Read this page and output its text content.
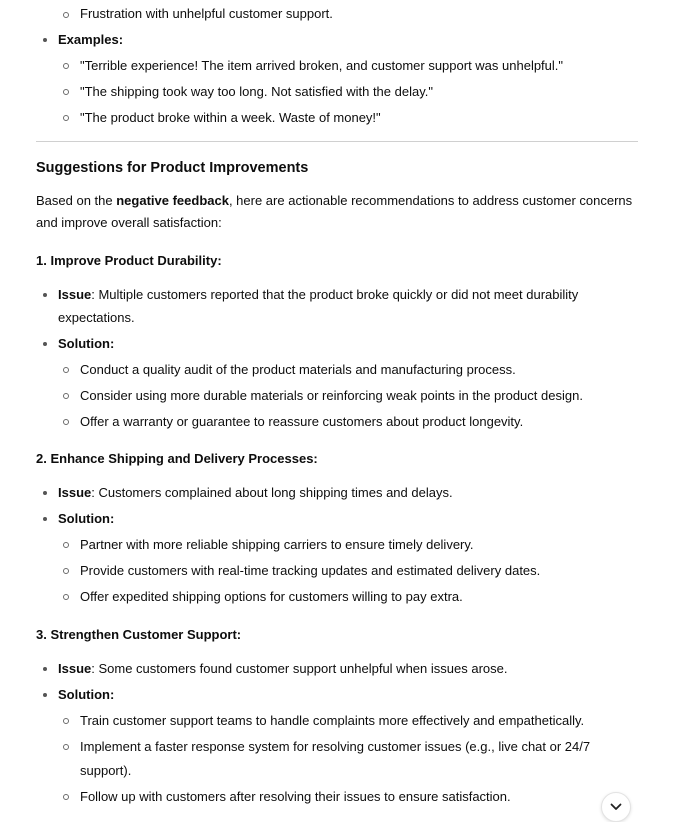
Frustration with unhelpful customer support.
Examples:
"Terrible experience! The item arrived broken, and customer support was unhelpful."
"The shipping took way too long. Not satisfied with the delay."
"The product broke within a week. Waste of money!"
Suggestions for Product Improvements
Based on the negative feedback, here are actionable recommendations to address customer concerns
and improve overall satisfaction:
1. Improve Product Durability:
Issue: Multiple customers reported that the product broke quickly or did not meet durability
expectations.
Solution:
Conduct a quality audit of the product materials and manufacturing process.
Consider using more durable materials or reinforcing weak points in the product design.
Offer a warranty or guarantee to reassure customers about product longevity.
2. Enhance Shipping and Delivery Processes:
Issue: Customers complained about long shipping times and delays.
Solution:
Partner with more reliable shipping carriers to ensure timely delivery.
Provide customers with real-time tracking updates and estimated delivery dates.
Offer expedited shipping options for customers willing to pay extra.
3. Strengthen Customer Support:
Issue: Some customers found customer support unhelpful when issues arose.
Solution:
Train customer support teams to handle complaints more effectively and empathetically.
Implement a faster response system for resolving customer issues (e.g., live chat or 24/7
support).
Follow up with customers after resolving their issues to ensure satisfaction.
